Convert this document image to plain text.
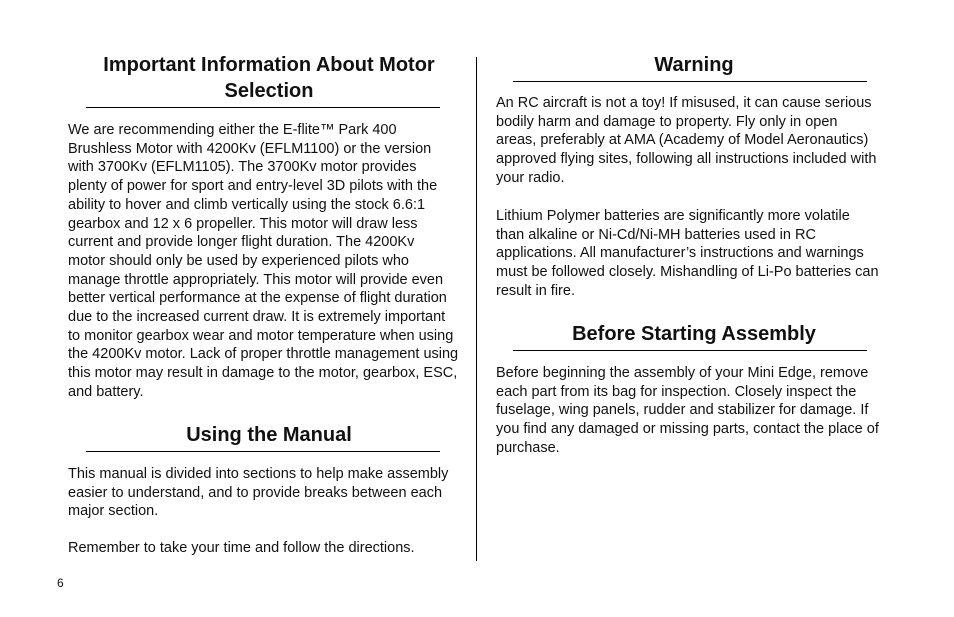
Important Information About Motor Selection

We are recommending either the E-flite™ Park 400
Brushless Motor with 4200Kv (EFLM1100) or the version
with 3700Kv (EFLM1105). The 3700Kv motor provides
plenty of power for sport and entry-level 3D pilots with the
ability to hover and climb vertically using the stock 6.6:1
gearbox and 12 x 6 propeller. This motor will draw less
current and provide longer flight duration. The 4200Kv
motor should only be used by experienced pilots who
manage throttle appropriately. This motor will provide even
better vertical performance at the expense of flight duration
due to the increased current draw. It is extremely important
to monitor gearbox wear and motor temperature when using
the 4200Kv motor. Lack of proper throttle management using
this motor may result in damage to the motor, gearbox, ESC,
and battery.

Using the Manual

This manual is divided into sections to help make assembly
easier to understand, and to provide breaks between each
major section.

Remember to take your time and follow the directions.

Warning

An RC aircraft is not a toy! If misused, it can cause serious
bodily harm and damage to property. Fly only in open
areas, preferably at AMA (Academy of Model Aeronautics)
approved flying sites, following all instructions included with
your radio.

Lithium Polymer batteries are significantly more volatile
than alkaline or Ni-Cd/Ni-MH batteries used in RC
applications. All manufacturer’s instructions and warnings
must be followed closely. Mishandling of Li-Po batteries can
result in fire.

Before Starting Assembly

Before beginning the assembly of your Mini Edge, remove
each part from its bag for inspection. Closely inspect the
fuselage, wing panels, rudder and stabilizer for damage. If
you find any damaged or missing parts, contact the place of
purchase.

6
